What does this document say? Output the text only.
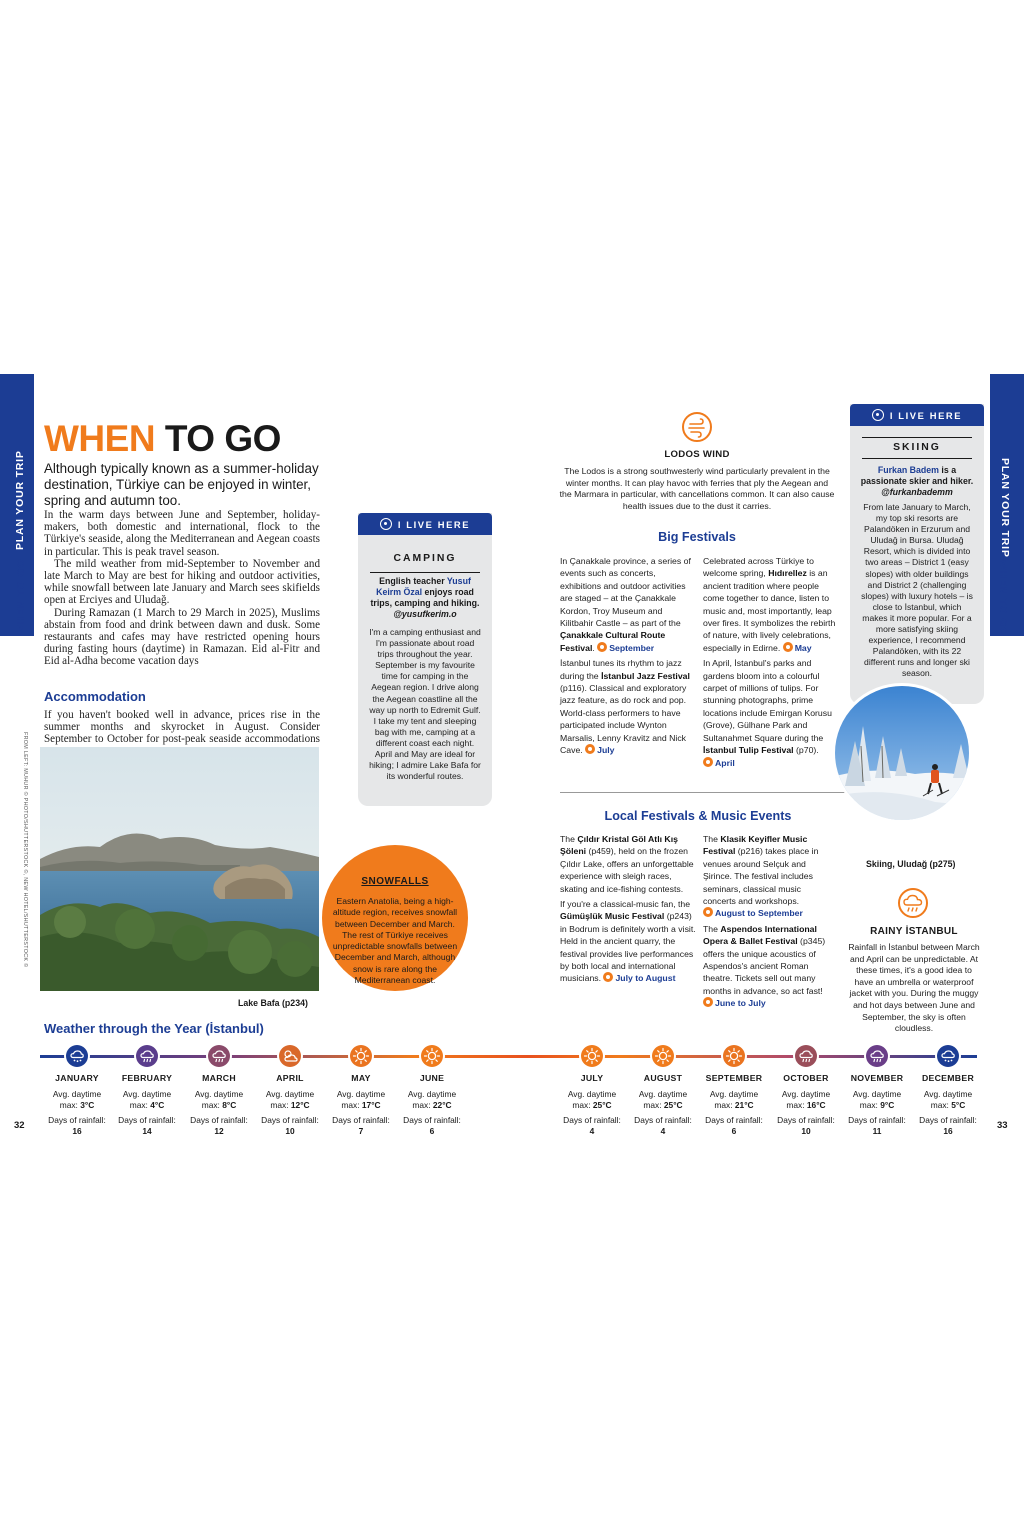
PLAN YOUR TRIP
WHEN TO GO
PLAN YOUR TRIP
WHEN TO GO
WHEN TO GO
Although typically known as a summer-holiday destination, Türkiye can be enjoyed in winter, spring and autumn too.

In the warm days between June and September, holiday-makers, both domestic and international, flock to the Türkiye's seaside, along the Mediterranean and Aegean coasts in particular. This is peak travel season.

The mild weather from mid-September to November and late March to May are best for hiking and outdoor activities, while snowfall between late January and March sees skifields open at Erciyes and Uludağ.

During Ramazan (1 March to 29 March in 2025), Muslims abstain from food and drink between dawn and dusk. Some restaurants and cafes may have restricted opening hours during fasting hours (daytime) in Ramazan. Eid al-Fitr and Eid al-Adha become vacation days

Accommodation
If you haven't booked well in advance, prices rise in the summer months and skyrocket in August. Consider September to October for post-peak seaside accommodations
FROM LEFT: MUHUR © PHOTO/SHUTTERSTOCK ©, NEW HOTEL/SHUTTERSTOCK ©
Lake Bafa (p234)
I LIVE HERE
CAMPING
English teacher Yusuf Keirm Özal enjoys road trips, camping and hiking.
@yusufkerim.o
I'm a camping enthusiast and I'm passionate about road trips throughout the year. September is my favourite time for camping in the Aegean region. I drive along the Aegean coastline all the way up north to Edremit Gulf. I take my tent and sleeping bag with me, camping at a different coast each night. April and May are ideal for hiking; I admire Lake Bafa for its wonderful routes.
SNOWFALLS
Eastern Anatolia, being a high-altitude region, receives snowfall between December and March. The rest of Türkiye receives unpredictable snowfalls between December and March, although snow is rare along the Mediterranean coast.
LODOS WIND
The Lodos is a strong southwesterly wind particularly prevalent in the winter months. It can play havoc with ferries that ply the Aegean and the Marmara in particular, with cancellations common. It can also cause health issues due to the dust it carries.
Big Festivals

In Çanakkale province, a series of events such as concerts, exhibitions and outdoor activities are staged – at the Çanakkale Kordon, Troy Museum and Kilitbahir Castle – as part of the Çanakkale Cultural Route Festival. September

İstanbul tunes its rhythm to jazz during the İstanbul Jazz Festival (p116). Classical and exploratory jazz feature, as do rock and pop. World-class performers to have participated include Wynton Marsalis, Lenny Kravitz and Nick Cave. July

Celebrated across Türkiye to welcome spring, Hıdırellez is an ancient tradition where people come together to dance, listen to music and, most importantly, leap over fires. It symbolizes the rebirth of nature, with lively celebrations, especially in Edirne. May

In April, İstanbul's parks and gardens bloom into a colourful carpet of millions of tulips. For stunning photographs, prime locations include Emirgan Korusu (Grove), Gülhane Park and Sultanahmet Square during the İstanbul Tulip Festival (p70). April

Local Festivals & Music Events

The Çıldır Kristal Göl Atlı Kış Şöleni (p459), held on the frozen Çıldır Lake, offers an unforgettable experience with sleigh races, skating and ice-fishing contests.

If you're a classical-music fan, the Gümüşlük Music Festival (p243) in Bodrum is definitely worth a visit. Held in the ancient quarry, the festival provides live performances by both local and international musicians. July to August

The Klasik Keyifler Music Festival (p216) takes place in venues around Selçuk and Şirince. The festival includes seminars, classical music concerts and workshops. August to September

The Aspendos International Opera & Ballet Festival (p345) offers the unique acoustics of Aspendos's ancient Roman theatre. Tickets sell out many months in advance, so act fast! June to July

I LIVE HERE
SKIING
Furkan Badem is a passionate skier and hiker.
@furkanbademm
From late January to March, my top ski resorts are Palandöken in Erzurum and Uludağ in Bursa. Uludağ Resort, which is divided into two areas – District 1 (easy slopes) with older buildings and District 2 (challenging slopes) with luxury hotels – is close to İstanbul, which makes it more popular. For a more satisfying skiing experience, I recommend Palandöken, with its 22 different runs and longer ski season.
Skiing, Uludağ (p275)
RAINY İSTANBUL
Rainfall in İstanbul between March and April can be unpredictable. At these times, it's a good idea to have an umbrella or waterproof jacket with you. During the muggy and hot days between June and September, the sky is often cloudless.
Weather through the Year (İstanbul)
JANUARY
Avg. daytime
max: 3°C
Days of rainfall:
16
FEBRUARY
Avg. daytime
max: 4°C
Days of rainfall:
14
MARCH
Avg. daytime
max: 8°C
Days of rainfall:
12
APRIL
Avg. daytime
max: 12°C
Days of rainfall:
10
MAY
Avg. daytime
max: 17°C
Days of rainfall:
7
JUNE
Avg. daytime
max: 22°C
Days of rainfall:
6
JULY
Avg. daytime
max: 25°C
Days of rainfall:
4
AUGUST
Avg. daytime
max: 25°C
Days of rainfall:
4
SEPTEMBER
Avg. daytime
max: 21°C
Days of rainfall:
6
OCTOBER
Avg. daytime
max: 16°C
Days of rainfall:
10
NOVEMBER
Avg. daytime
max: 9°C
Days of rainfall:
11
DECEMBER
Avg. daytime
max: 5°C
Days of rainfall:
16
32	33
